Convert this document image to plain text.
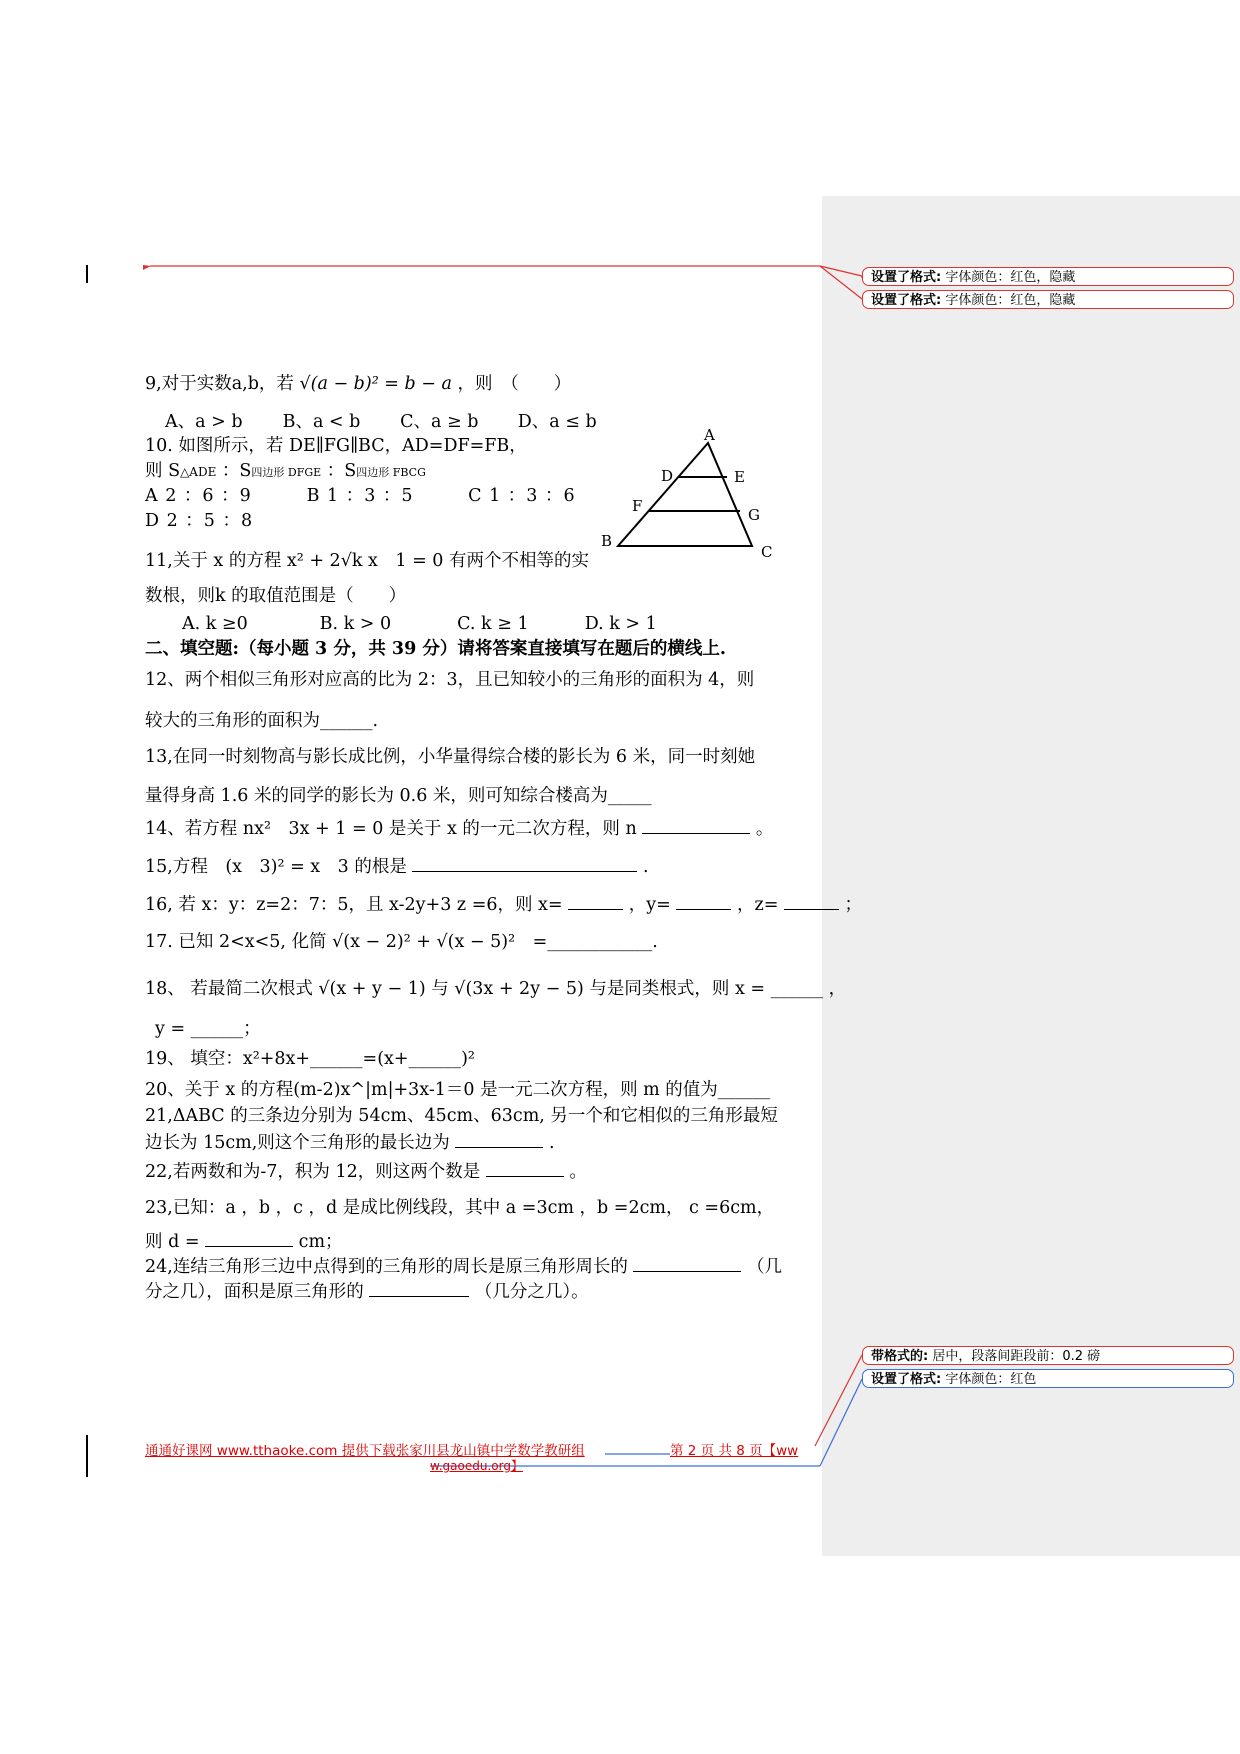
设置了格式: 字体颜色：红色，隐藏
设置了格式: 字体颜色：红色，隐藏
带格式的: 居中，段落间距段前：0.2 磅
设置了格式: 字体颜色：红色
9,对于实数a,b，若 √(a − b)² = b − a ，则　（　　）
A、a > b B、a < b C、a ≥ b D、a ≤ b
10. 如图所示，若 DE∥FG∥BC，AD=DF=FB，
则 S△ADE ：S四边形 DFGE ：S四边形 FBCG
A 2 ：6 ：9	B 1 ：3 ：5	C 1 ：3 ：6
D 2 ：5 ：8
A
D	E
F	G
B
C
11,关于 x 的方程 x² + 2√k x　1 = 0 有两个不相等的实
数根，则k 的取值范围是（　　）
A. k ≥0	B. k > 0	C. k ≥ 1	D. k > 1
二、填空题:（每小题 3 分，共 39 分）请将答案直接填写在题后的横线上.
12、两个相似三角形对应高的比为 2：3，且已知较小的三角形的面积为 4，则
较大的三角形的面积为______.
13,在同一时刻物高与影长成比例，小华量得综合楼的影长为 6 米，同一时刻她
量得身高 1.6 米的同学的影长为 0.6 米，则可知综合楼高为_____
14、若方程 nx²　3x + 1 = 0 是关于 x 的一元二次方程，则 n	。
15,方程　(x　3)² = x　3 的根是	.
16, 若 x：y：z=2：7：5，且 x-2y+3 z =6，则 x=	，y=	，z=	；
17. 已知 2<x<5, 化简 √(x − 2)² + √(x − 5)²　=____________.
18、 若最简二次根式 √(x + y − 1) 与 √(3x + 2y − 5) 与是同类根式，则 x = ______ ，
y = ______；
19、 填空：x²+8x+______=(x+______)²
20、关于 x 的方程(m-2)x^|m|+3x-1＝0 是一元二次方程，则 m 的值为______
21,ΔABC 的三条边分别为 54cm、45cm、63cm, 另一个和它相似的三角形最短
边长为 15cm,则这个三角形的最长边为	.
22,若两数和为-7，积为 12，则这两个数是	。
23,已知：a ，b ，c ，d 是成比例线段，其中 a =3cm ，b =2cm， c =6cm，
则 d =	cm；
24,连结三角形三边中点得到的三角形的周长是原三角形周长的	（几
分之几），面积是原三角形的	（几分之几）。
通通好课网 www.tthaoke.com 提供下载张家川县龙山镇中学数学教研组	第 2 页 共 8 页【ww
w.gaoedu.org】
